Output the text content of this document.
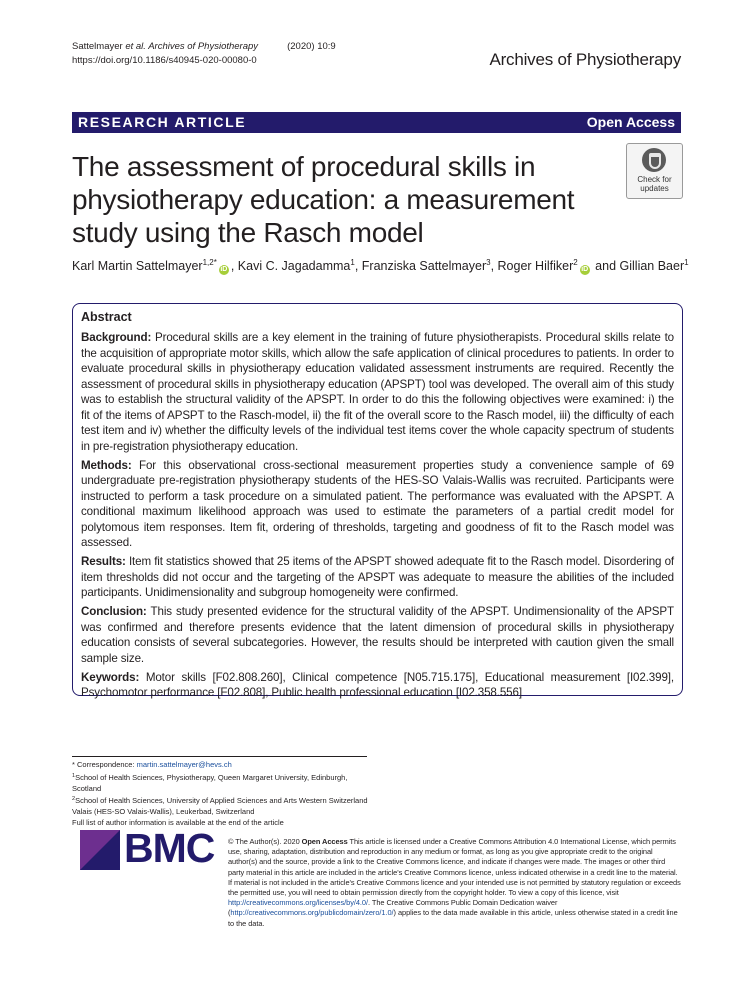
Sattelmayer et al. Archives of Physiotherapy	(2020) 10:9
https://doi.org/10.1186/s40945-020-00080-0	Archives of Physiotherapy
RESEARCH ARTICLE	Open Access
The assessment of procedural skills in physiotherapy education: a measurement study using the Rasch model
Check for
updates
Karl Martin Sattelmayer$^{1,2*}$iD , Kavi C. Jagadamma$^1$, Franziska Sattelmayer$^3$, Roger Hilfiker$^2$iD and Gillian Baer$^1$
Abstract

Background: Procedural skills are a key element in the training of future physiotherapists. Procedural skills relate to the acquisition of appropriate motor skills, which allow the safe application of clinical procedures to patients. In order to evaluate procedural skills in physiotherapy education validated assessment instruments are required. Recently the assessment of procedural skills in physiotherapy education (APSPT) tool was developed. The overall aim of this study was to establish the structural validity of the APSPT. In order to do this the following objectives were examined: i) the fit of the items of APSPT to the Rasch-model, ii) the fit of the overall score to the Rasch model, iii) the difficulty of each test item and iv) whether the difficulty levels of the individual test items cover the whole capacity spectrum of students in pre-registration physiotherapy education.

Methods: For this observational cross-sectional measurement properties study a convenience sample of 69 undergraduate pre-registration physiotherapy students of the HES-SO Valais-Wallis was recruited. Participants were instructed to perform a task procedure on a simulated patient. The performance was evaluated with the APSPT. A conditional maximum likelihood approach was used to estimate the parameters of a partial credit model for polytomous item responses. Item fit, ordering of thresholds, targeting and goodness of fit to the Rasch model was assessed.

Results: Item fit statistics showed that 25 items of the APSPT showed adequate fit to the Rasch model. Disordering of item thresholds did not occur and the targeting of the APSPT was adequate to measure the abilities of the included participants. Unidimensionality and subgroup homogeneity were confirmed.

Conclusion: This study presented evidence for the structural validity of the APSPT. Undimensionality of the APSPT was confirmed and therefore presents evidence that the latent dimension of procedural skills in physiotherapy education consists of several subcategories. However, the results should be interpreted with caution given the small sample size.

Keywords: Motor skills [F02.808.260], Clinical competence [N05.715.175], Educational measurement [I02.399], Psychomotor performance [F02.808], Public health professional education [I02.358.556]

* Correspondence: martin.sattelmayer@hevs.ch
$^1$School of Health Sciences, Physiotherapy, Queen Margaret University, Edinburgh, Scotland
$^2$School of Health Sciences, University of Applied Sciences and Arts Western Switzerland Valais (HES-SO Valais-Wallis), Leukerbad, Switzerland
Full list of author information is available at the end of the article
BMC © The Author(s). 2020 Open Access This article is licensed under a Creative Commons Attribution 4.0 International License, which permits use, sharing, adaptation, distribution and reproduction in any medium or format, as long as you give appropriate credit to the original author(s) and the source, provide a link to the Creative Commons licence, and indicate if changes were made. The images or other third party material in this article are included in the article's Creative Commons licence, unless indicated otherwise in a credit line to the material. If material is not included in the article's Creative Commons licence and your intended use is not permitted by statutory regulation or exceeds the permitted use, you will need to obtain permission directly from the copyright holder. To view a copy of this licence, visit http://creativecommons.org/licenses/by/4.0/. The Creative Commons Public Domain Dedication waiver (http://creativecommons.org/publicdomain/zero/1.0/) applies to the data made available in this article, unless otherwise stated in a credit line to the data.
